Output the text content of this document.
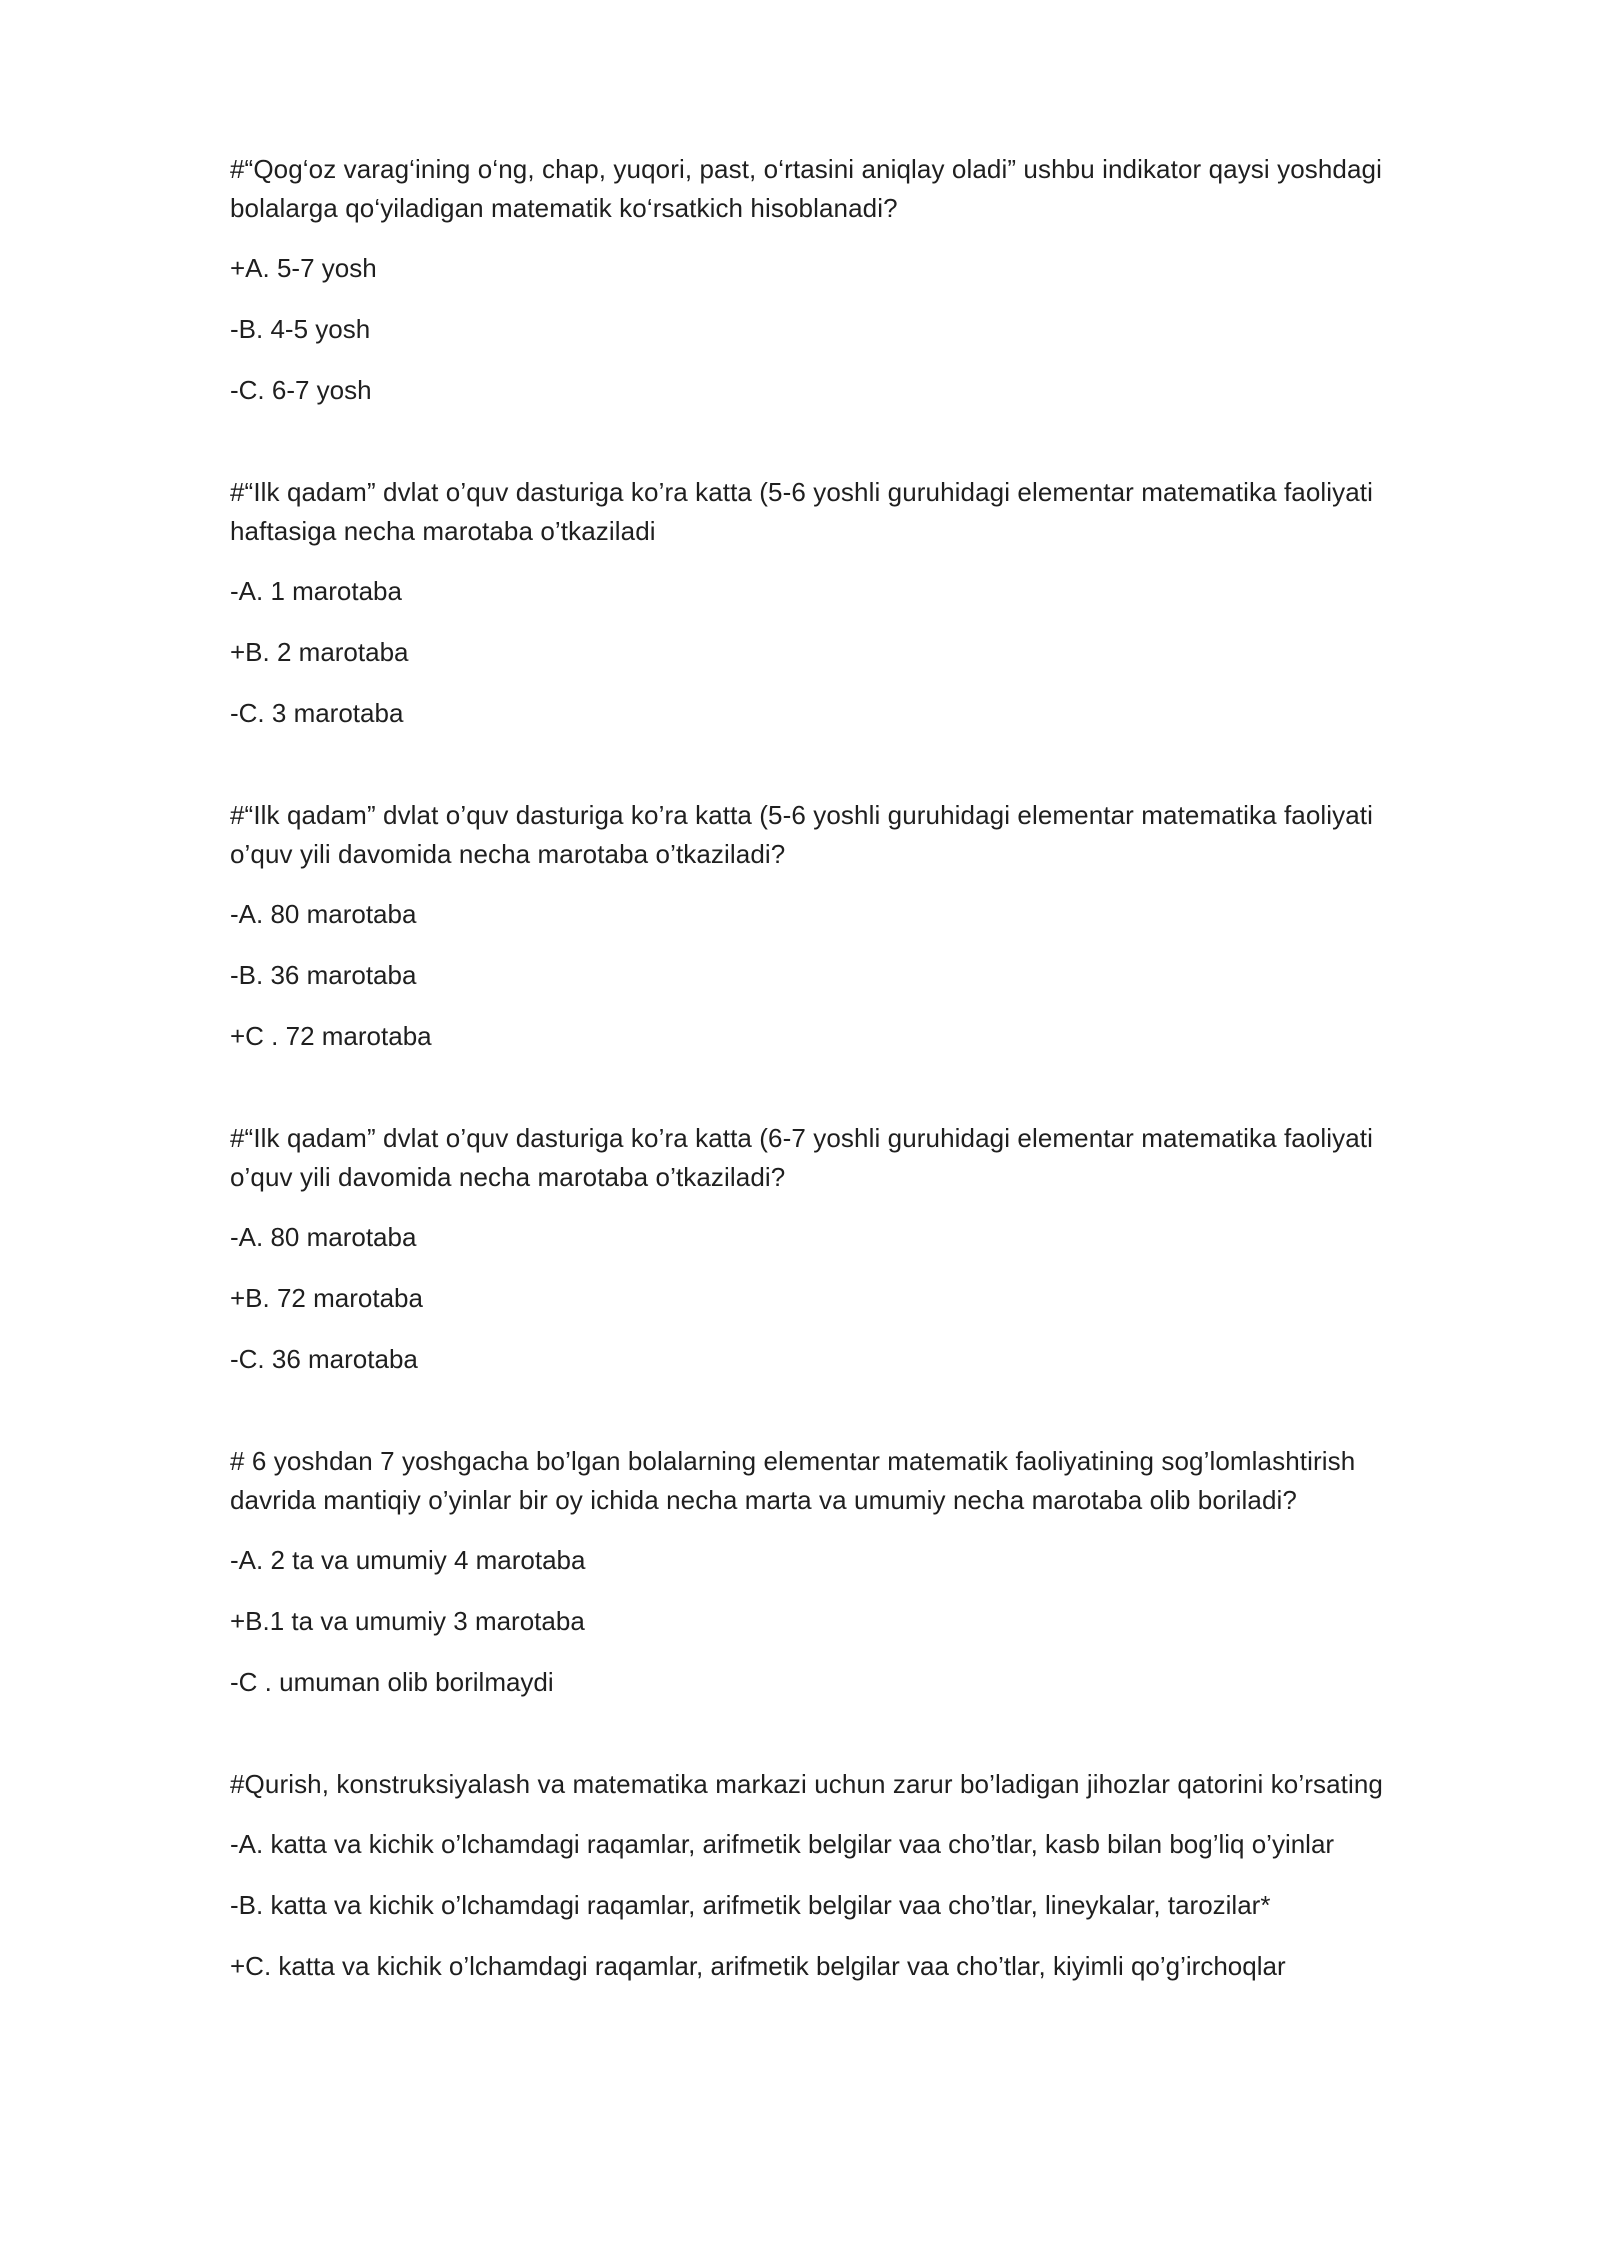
#“Qog‘oz varag‘ining o‘ng, chap, yuqori, past, o‘rtasini aniqlay oladi” ushbu indikator qaysi yoshdagi bolalarga qo‘yiladigan matematik ko‘rsatkich hisoblanadi?

+A. 5-7 yosh

-B. 4-5 yosh

-C. 6-7 yosh

#“Ilk qadam” dvlat o’quv dasturiga ko’ra katta (5-6 yoshli guruhidagi elementar matematika faoliyati haftasiga necha marotaba o’tkaziladi

-A. 1 marotaba

+B. 2 marotaba

-C. 3 marotaba

#“Ilk qadam” dvlat o’quv dasturiga ko’ra katta (5-6 yoshli guruhidagi elementar matematika faoliyati o’quv yili davomida necha marotaba o’tkaziladi?

-A. 80 marotaba

-B. 36 marotaba

+C . 72 marotaba

#“Ilk qadam” dvlat o’quv dasturiga ko’ra katta (6-7 yoshli guruhidagi elementar matematika faoliyati o’quv yili davomida necha marotaba o’tkaziladi?

-A. 80 marotaba

+B. 72 marotaba

-C. 36 marotaba

# 6 yoshdan 7 yoshgacha bo’lgan bolalarning elementar matematik faoliyatining sog’lomlashtirish davrida mantiqiy o’yinlar bir oy ichida necha marta va umumiy necha marotaba olib boriladi?

-A. 2 ta va umumiy 4 marotaba

+B.1 ta va umumiy 3 marotaba

-C . umuman olib borilmaydi

#Qurish, konstruksiyalash va matematika markazi uchun zarur bo’ladigan jihozlar qatorini ko’rsating

-A. katta va kichik o’lchamdagi raqamlar, arifmetik belgilar vaa cho’tlar, kasb bilan bog’liq o’yinlar

-B. katta va kichik o’lchamdagi raqamlar, arifmetik belgilar vaa cho’tlar, lineykalar, tarozilar*

+C. katta va kichik o’lchamdagi raqamlar, arifmetik belgilar vaa cho’tlar, kiyimli qo’g’irchoqlar
